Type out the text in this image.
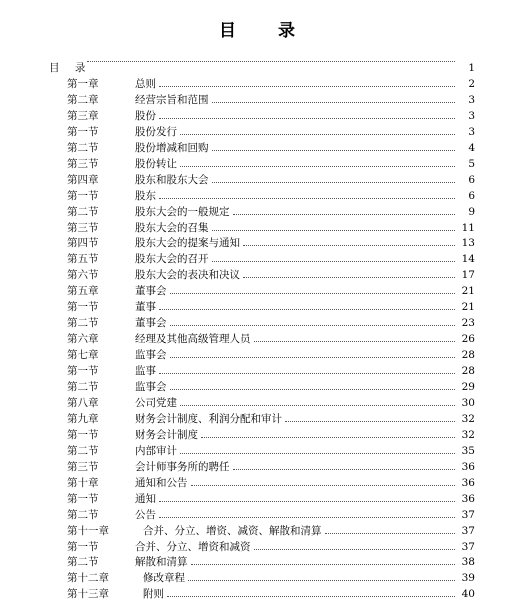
目 录
目 录	1
第一章	总则	2
第二章	经营宗旨和范围	3
第三章	股份	3
第一节	股份发行	3
第二节	股份增减和回购	4
第三节	股份转让	5
第四章	股东和股东大会	6
第一节	股东	6
第二节	股东大会的一般规定	9
第三节	股东大会的召集	11
第四节	股东大会的提案与通知	13
第五节	股东大会的召开	14
第六节	股东大会的表决和决议	17
第五章	董事会	21
第一节	董事	21
第二节	董事会	23
第六章	经理及其他高级管理人员	26
第七章	监事会	28
第一节	监事	28
第二节	监事会	29
第八章	公司党建	30
第九章	财务会计制度、利润分配和审计	32
第一节	财务会计制度	32
第二节	内部审计	35
第三节	会计师事务所的聘任	36
第十章	通知和公告	36
第一节	通知	36
第二节	公告	37
第十一章	合并、分立、增资、减资、解散和清算	37
第一节	合并、分立、增资和减资	37
第二节	解散和清算	38
第十二章	修改章程	39
第十三章	附则	40
